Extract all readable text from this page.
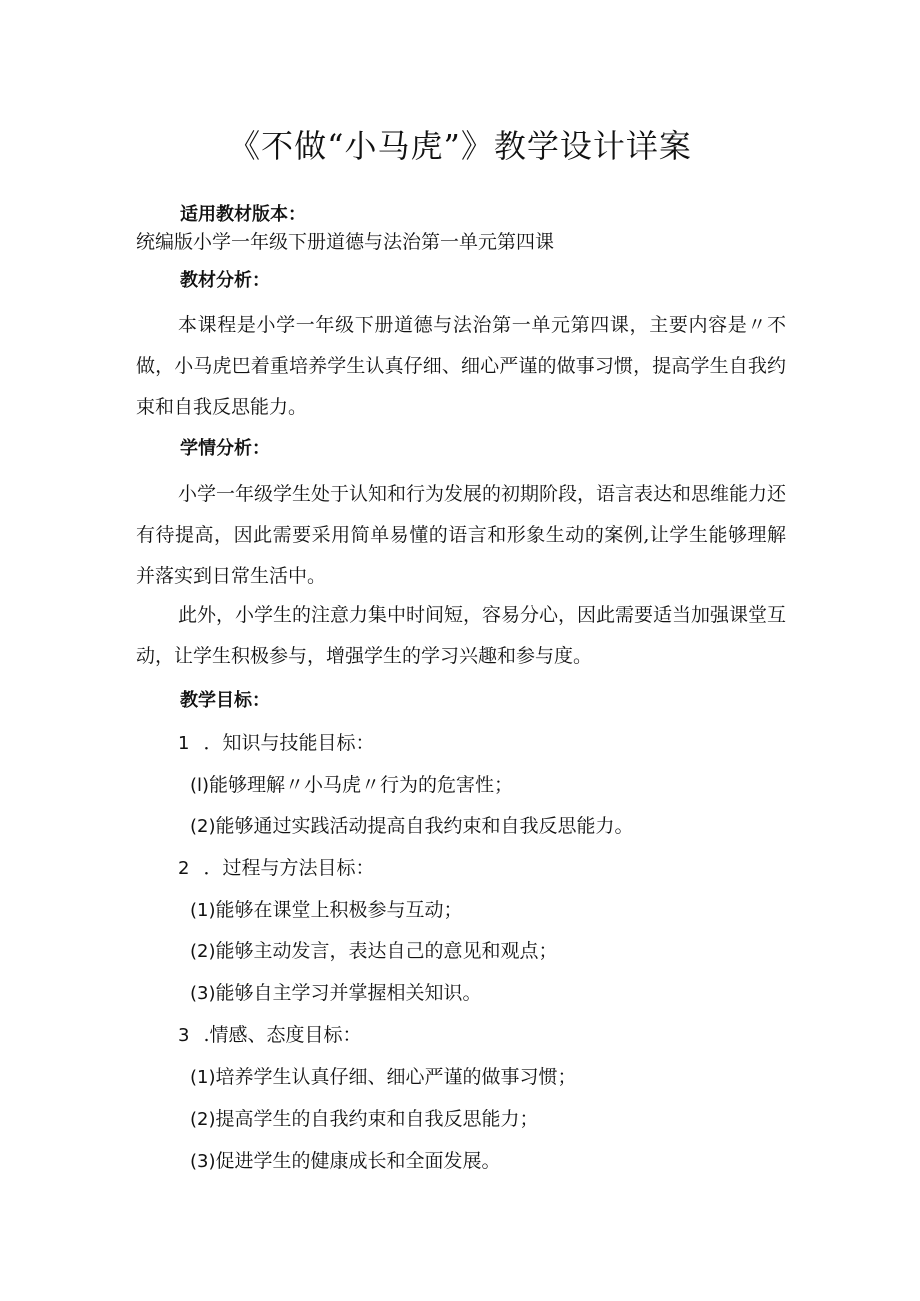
《不做“小马虎”》教学设计详案
适用教材版本：
统编版小学一年级下册道德与法治第一单元第四课
教材分析：
本课程是小学一年级下册道德与法治第一单元第四课，主要内容是〃不做，小马虎巴着重培养学生认真仔细、细心严谨的做事习惯，提高学生自我约束和自我反思能力。
学情分析：
小学一年级学生处于认知和行为发展的初期阶段，语言表达和思维能力还有待提高，因此需要采用简单易懂的语言和形象生动的案例,让学生能够理解并落实到日常生活中。
此外，小学生的注意力集中时间短，容易分心，因此需要适当加强课堂互动，让学生积极参与，增强学生的学习兴趣和参与度。
教学目标：
1 ．知识与技能目标：
(l)能够理解〃小马虎〃行为的危害性；
(2)能够通过实践活动提高自我约束和自我反思能力。
2 ．过程与方法目标：
(1)能够在课堂上积极参与互动；
(2)能够主动发言，表达自己的意见和观点；
(3)能够自主学习并掌握相关知识。
3 .情感、态度目标：
(1)培养学生认真仔细、细心严谨的做事习惯；
(2)提高学生的自我约束和自我反思能力；
(3)促进学生的健康成长和全面发展。
